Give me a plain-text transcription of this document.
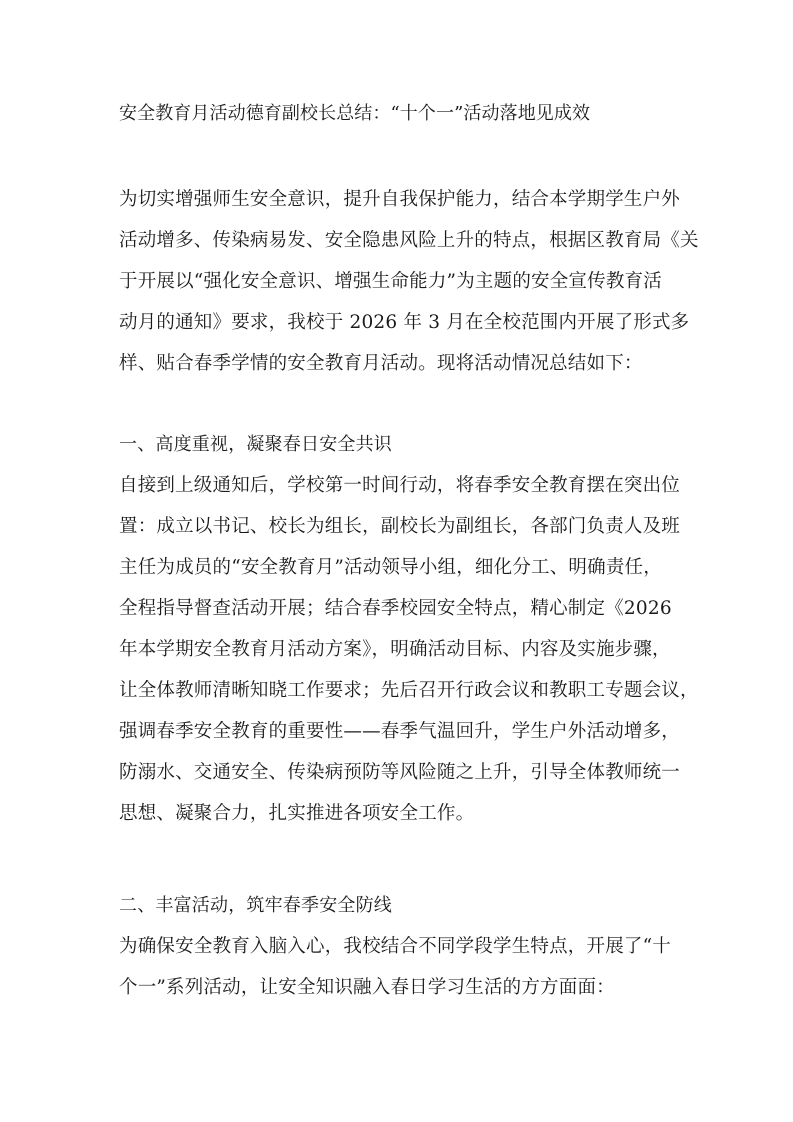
安全教育月活动德育副校长总结：“十个一”活动落地见成效
为切实增强师生安全意识，提升自我保护能力，结合本学期学生户外
活动增多、传染病易发、安全隐患风险上升的特点，根据区教育局《关
于开展以“强化安全意识、增强生命能力”为主题的安全宣传教育活
动月的通知》要求，我校于 2026 年 3 月在全校范围内开展了形式多
样、贴合春季学情的安全教育月活动。现将活动情况总结如下：
一、高度重视，凝聚春日安全共识
自接到上级通知后，学校第一时间行动，将春季安全教育摆在突出位
置：成立以书记、校长为组长，副校长为副组长，各部门负责人及班
主任为成员的“安全教育月”活动领导小组，细化分工、明确责任，
全程指导督查活动开展；结合春季校园安全特点，精心制定《2026
年本学期安全教育月活动方案》，明确活动目标、内容及实施步骤，
让全体教师清晰知晓工作要求；先后召开行政会议和教职工专题会议，
强调春季安全教育的重要性——春季气温回升，学生户外活动增多，
防溺水、交通安全、传染病预防等风险随之上升，引导全体教师统一
思想、凝聚合力，扎实推进各项安全工作。
二、丰富活动，筑牢春季安全防线
为确保安全教育入脑入心，我校结合不同学段学生特点，开展了“十
个一”系列活动，让安全知识融入春日学习生活的方方面面：
